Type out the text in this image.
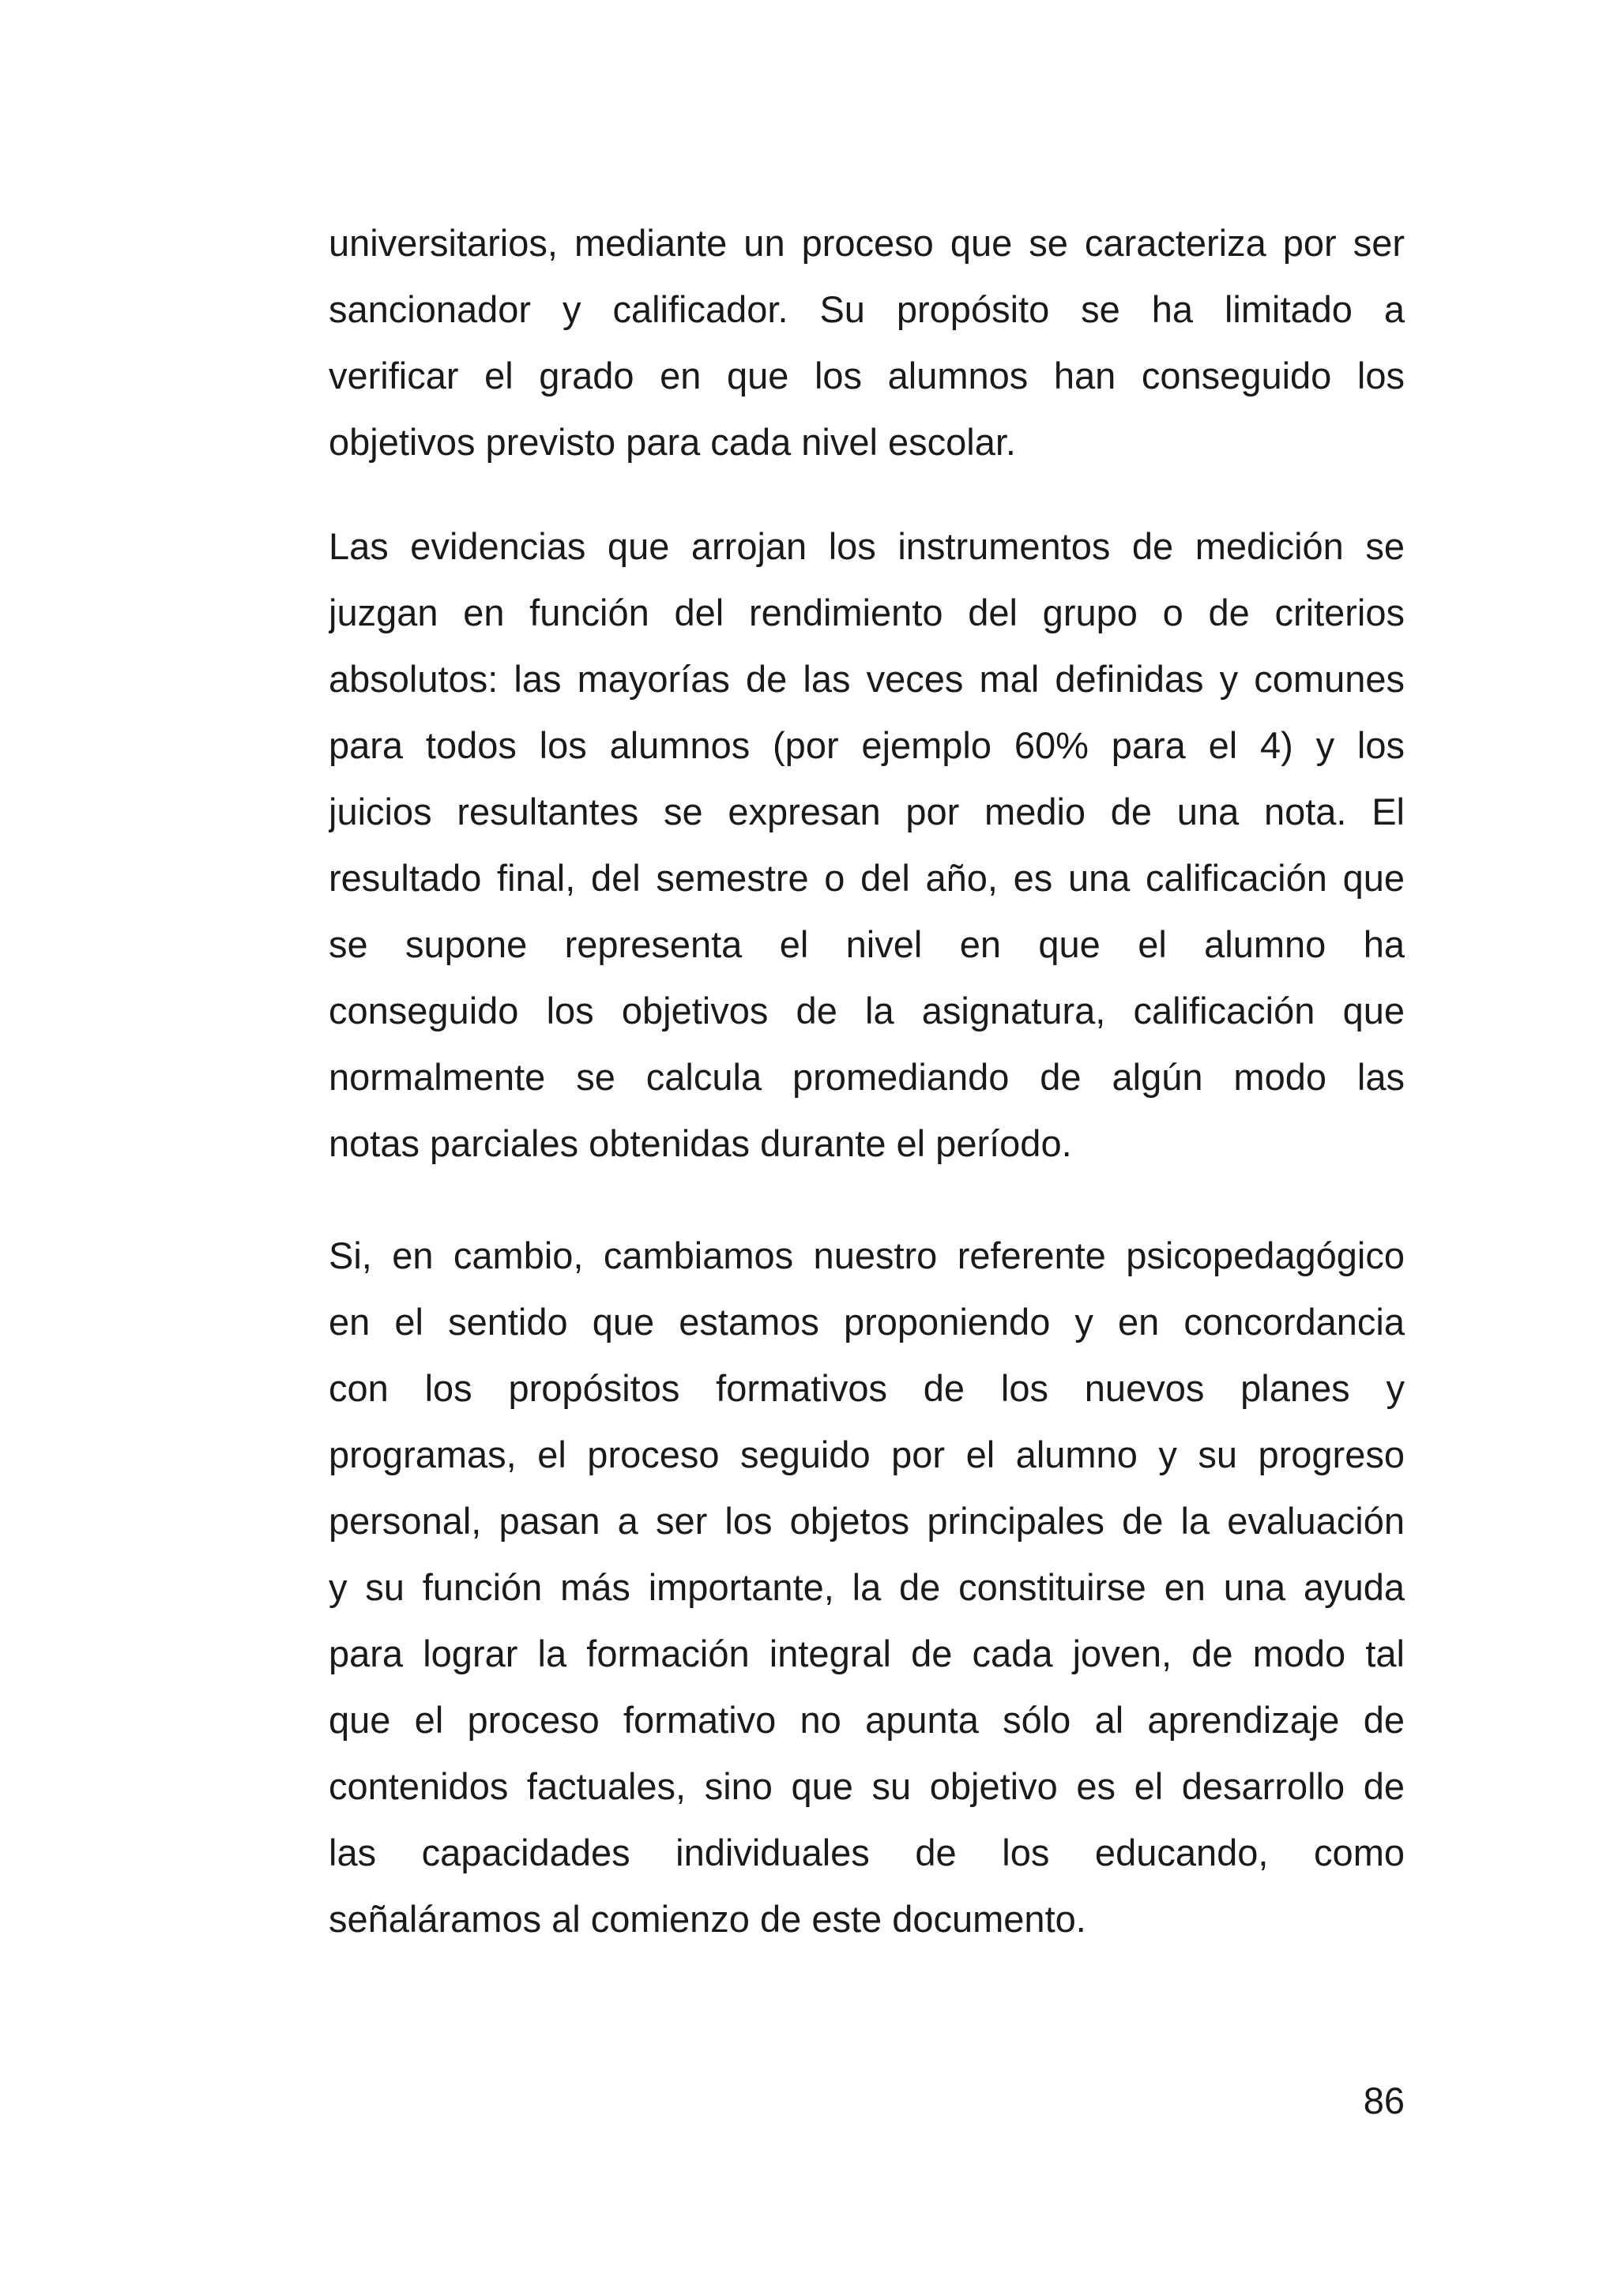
universitarios, mediante un proceso que se caracteriza por ser
sancionador y calificador. Su propósito se ha limitado a
verificar el grado en que los alumnos han conseguido los
objetivos previsto para cada nivel escolar.
Las evidencias que arrojan los instrumentos de medición se
juzgan en función del rendimiento del grupo o de criterios
absolutos: las mayorías de las veces mal definidas y comunes
para todos los alumnos (por ejemplo 60% para el 4) y los
juicios resultantes se expresan por medio de una nota. El
resultado final, del semestre o del año, es una calificación que
se supone representa el nivel en que el alumno ha
conseguido los objetivos de la asignatura, calificación que
normalmente se calcula promediando de algún modo las
notas parciales obtenidas durante el período.
Si, en cambio, cambiamos nuestro referente psicopedagógico
en el sentido que estamos proponiendo y en concordancia
con los propósitos formativos de los nuevos planes y
programas, el proceso seguido por el alumno y su progreso
personal, pasan a ser los objetos principales de la evaluación
y su función más importante, la de constituirse en una ayuda
para lograr la formación integral de cada joven, de modo tal
que el proceso formativo no apunta sólo al aprendizaje de
contenidos factuales, sino que su objetivo es el desarrollo de
las capacidades individuales de los educando, como
señaláramos al comienzo de este documento.
86
